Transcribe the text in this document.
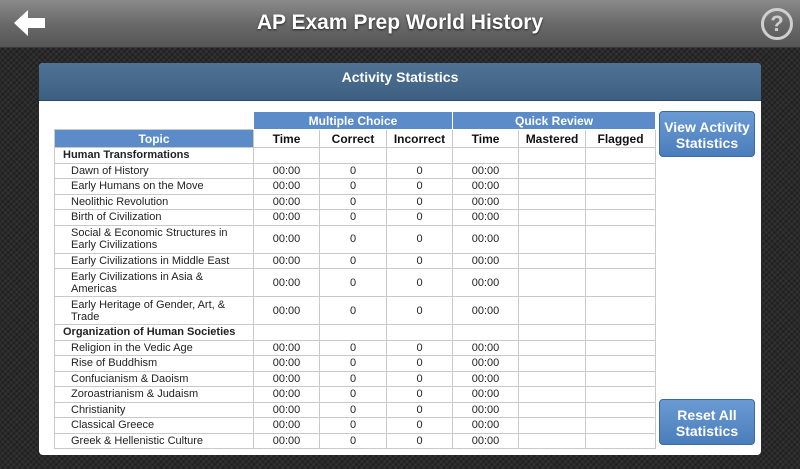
AP Exam Prep World History	?
Activity Statistics
	Multiple Choice			Quick Review		
Topic	Time	Correct	Incorrect	Time	Mastered	Flagged
Human Transformations						
Dawn of History	00:00	0	0	00:00		
Early Humans on the Move	00:00	0	0	00:00		
Neolithic Revolution	00:00	0	0	00:00		
Birth of Civilization	00:00	0	0	00:00		
Social & Economic Structures in Early Civilizations	00:00	0	0	00:00		
Early Civilizations in Middle East	00:00	0	0	00:00		
Early Civilizations in Asia & Americas	00:00	0	0	00:00		
Early Heritage of Gender, Art, & Trade	00:00	0	0	00:00		
Organization of Human Societies						
Religion in the Vedic Age	00:00	0	0	00:00		
Rise of Buddhism	00:00	0	0	00:00		
Confucianism & Daoism	00:00	0	0	00:00		
Zoroastrianism & Judaism	00:00	0	0	00:00		
Christianity	00:00	0	0	00:00		
Classical Greece	00:00	0	0	00:00		
Greek & Hellenistic Culture	00:00	0	0	00:00		
View Activity Statistics
Reset All Statistics
